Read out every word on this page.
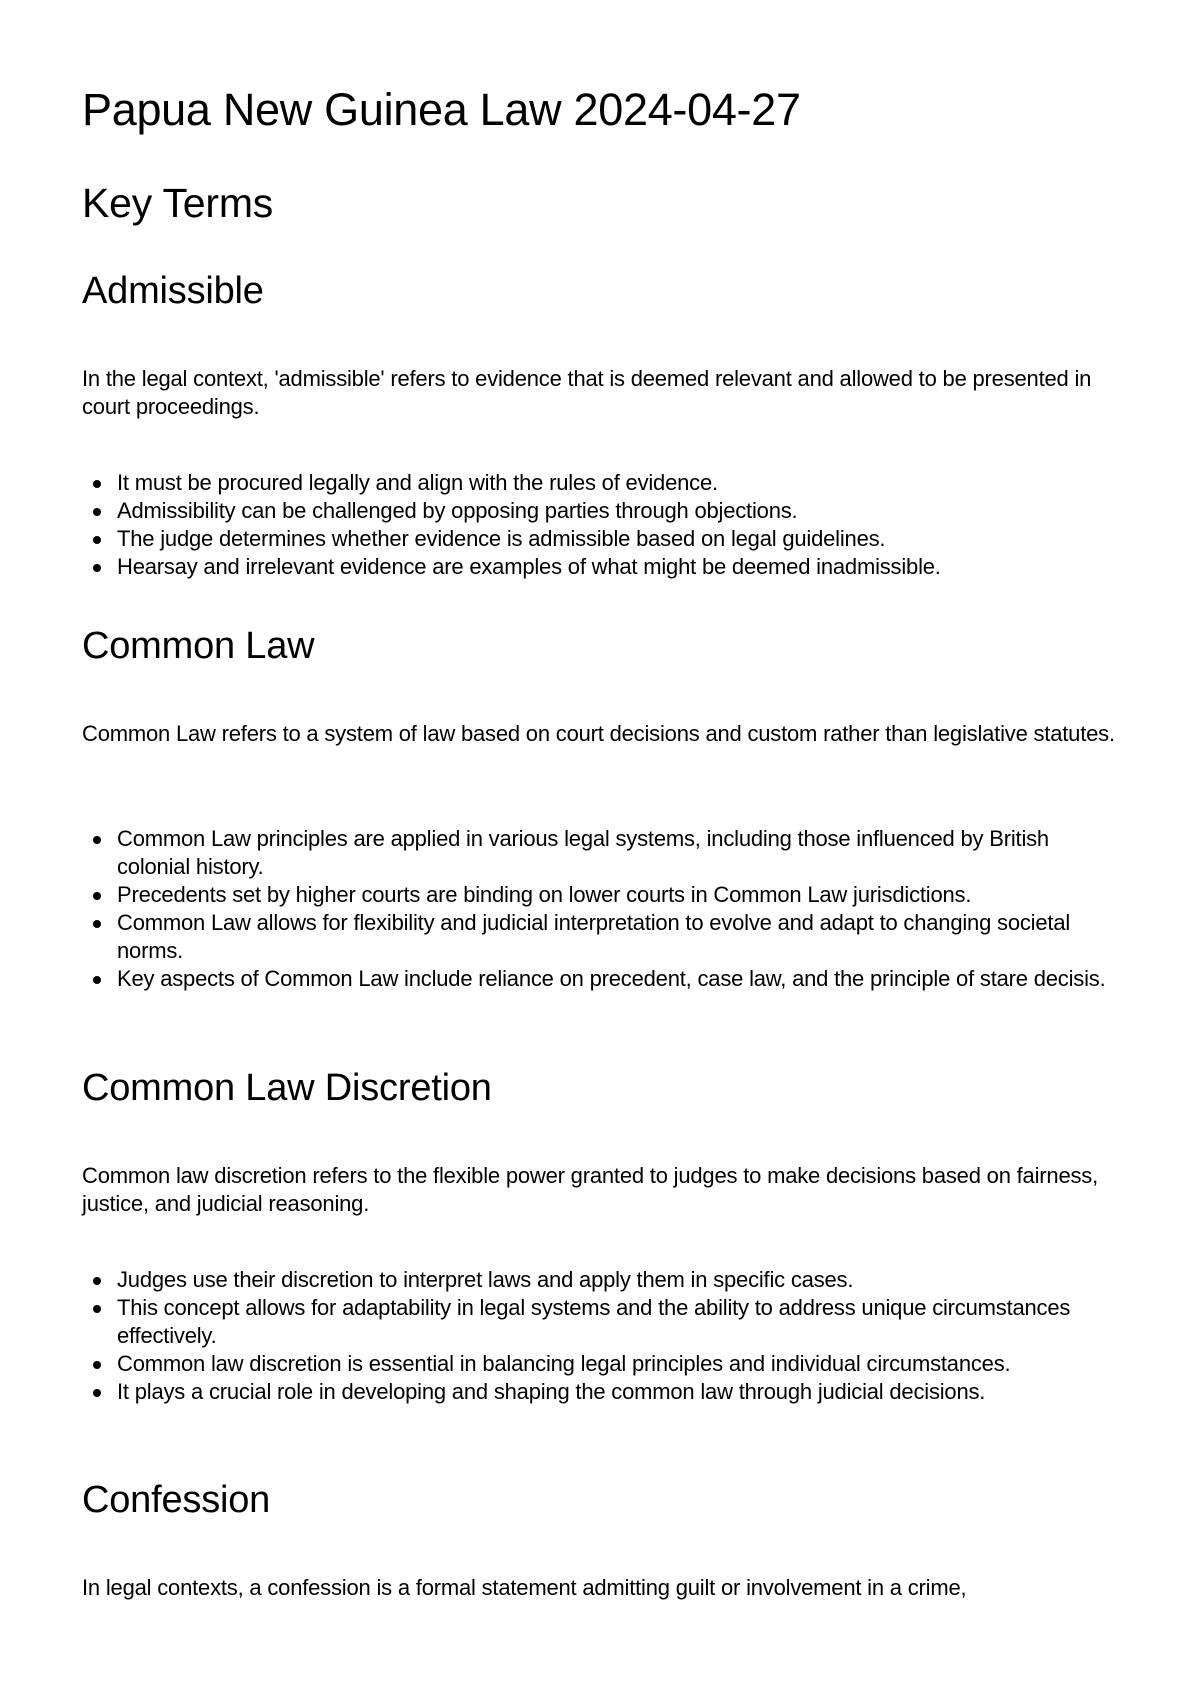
Papua New Guinea Law 2024-04-27
Key Terms
Admissible

In the legal context, 'admissible' refers to evidence that is deemed relevant and allowed to be presented in court proceedings.

It must be procured legally and align with the rules of evidence.
Admissibility can be challenged by opposing parties through objections.
The judge determines whether evidence is admissible based on legal guidelines.
Hearsay and irrelevant evidence are examples of what might be deemed inadmissible.
Common Law

Common Law refers to a system of law based on court decisions and custom rather than legislative statutes.

Common Law principles are applied in various legal systems, including those influenced by British colonial history.
Precedents set by higher courts are binding on lower courts in Common Law jurisdictions.
Common Law allows for flexibility and judicial interpretation to evolve and adapt to changing societal norms.
Key aspects of Common Law include reliance on precedent, case law, and the principle of stare decisis.
Common Law Discretion

Common law discretion refers to the flexible power granted to judges to make decisions based on fairness, justice, and judicial reasoning.

Judges use their discretion to interpret laws and apply them in specific cases.
This concept allows for adaptability in legal systems and the ability to address unique circumstances effectively.
Common law discretion is essential in balancing legal principles and individual circumstances.
It plays a crucial role in developing and shaping the common law through judicial decisions.
Confession

In legal contexts, a confession is a formal statement admitting guilt or involvement in a crime,
